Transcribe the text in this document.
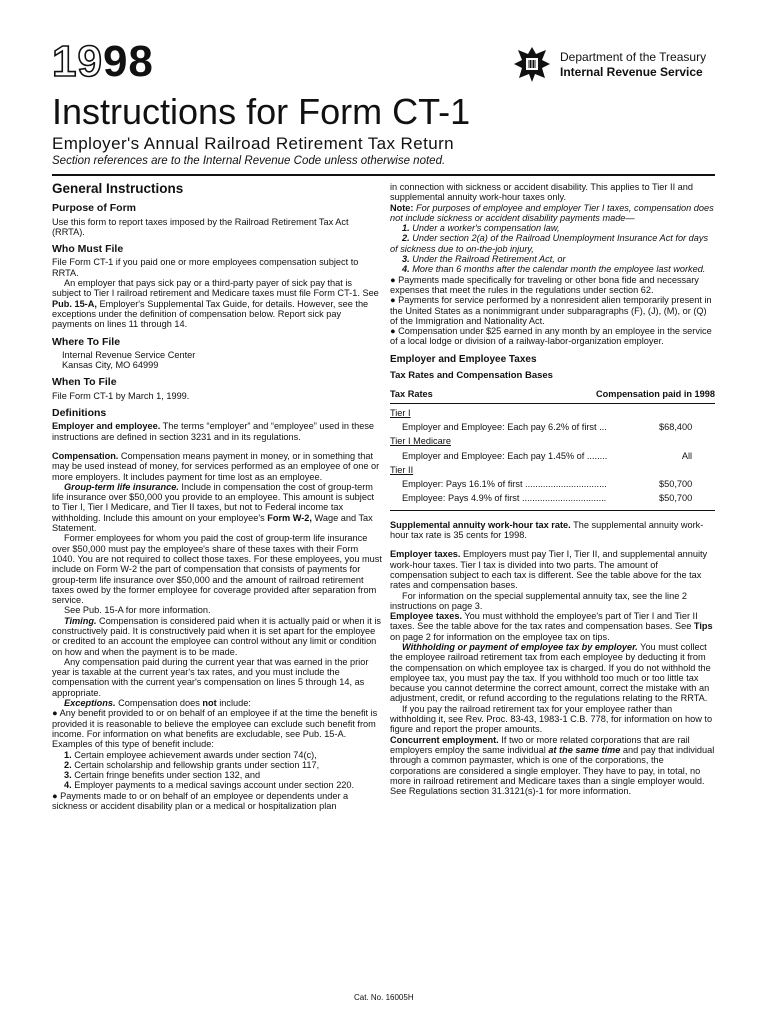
1998	Department of the Treasury
Internal Revenue Service
Instructions for Form CT-1
Employer's Annual Railroad Retirement Tax Return
Section references are to the Internal Revenue Code unless otherwise noted.

General Instructions

Purpose of Form

Use this form to report taxes imposed by the Railroad Retirement Tax Act (RRTA).

Who Must File

File Form CT-1 if you paid one or more employees compensation subject to RRTA.

An employer that pays sick pay or a third-party payer of sick pay that is subject to Tier I railroad retirement and Medicare taxes must file Form CT-1. See Pub. 15-A, Employer's Supplemental Tax Guide, for details. However, see the exceptions under the definition of compensation below. Report sick pay payments on lines 11 through 14.

Where To File

Internal Revenue Service Center

Kansas City, MO 64999

When To File

File Form CT-1 by March 1, 1999.

Definitions

Employer and employee. The terms “employer” and “employee” used in these instructions are defined in section 3231 and in its regulations.

Compensation. Compensation means payment in money, or in something that may be used instead of money, for services performed as an employee of one or more employers. It includes payment for time lost as an employee.

Group-term life insurance. Include in compensation the cost of group-term life insurance over $50,000 you provide to an employee. This amount is subject to Tier I, Tier I Medicare, and Tier II taxes, but not to Federal income tax withholding. Include this amount on your employee's Form W-2, Wage and Tax Statement.

Former employees for whom you paid the cost of group-term life insurance over $50,000 must pay the employee's share of these taxes with their Form 1040. You are not required to collect those taxes. For these employees, you must include on Form W-2 the part of compensation that consists of payments for group-term life insurance over $50,000 and the amount of railroad retirement taxes owed by the former employee for coverage provided after separation from service.

See Pub. 15-A for more information.

Timing. Compensation is considered paid when it is actually paid or when it is constructively paid. It is constructively paid when it is set apart for the employee or credited to an account the employee can control without any limit or condition on how and when the payment is to be made.

Any compensation paid during the current year that was earned in the prior year is taxable at the current year's tax rates, and you must include the compensation with the current year's compensation on lines 5 through 14, as appropriate.

Exceptions. Compensation does not include:

● Any benefit provided to or on behalf of an employee if at the time the benefit is provided it is reasonable to believe the employee can exclude such benefit from income. For information on what benefits are excludable, see Pub. 15-A. Examples of this type of benefit include:

1. Certain employee achievement awards under section 74(c),

2. Certain scholarship and fellowship grants under section 117,

3. Certain fringe benefits under section 132, and

4. Employer payments to a medical savings account under section 220.

● Payments made to or on behalf of an employee or dependents under a sickness or accident disability plan or a medical or hospitalization plan

in connection with sickness or accident disability. This applies to Tier II and supplemental annuity work-hour taxes only.

Note: For purposes of employee and employer Tier I taxes, compensation does not include sickness or accident disability payments made—

1. Under a worker's compensation law,

2. Under section 2(a) of the Railroad Unemployment Insurance Act for days of sickness due to on-the-job injury,

3. Under the Railroad Retirement Act, or

4. More than 6 months after the calendar month the employee last worked.

● Payments made specifically for traveling or other bona fide and necessary expenses that meet the rules in the regulations under section 62.

● Payments for service performed by a nonresident alien temporarily present in the United States as a nonimmigrant under subparagraphs (F), (J), (M), or (Q) of the Immigration and Nationality Act.

● Compensation under $25 earned in any month by an employee in the service of a local lodge or division of a railway-labor-organization employer.

Employer and Employee Taxes

Tax Rates and Compensation Bases

Tax Rates	Compensation paid in 1998
Tier I
Employer and Employee: Each pay 6.2% of first ...	$68,400
Tier I Medicare
Employer and Employee: Each pay 1.45% of ........	All
Tier II
Employer: Pays 16.1% of first ................................	$50,700
Employee: Pays 4.9% of first .................................	$50,700

Supplemental annuity work-hour tax rate. The supplemental annuity work-hour tax rate is 35 cents for 1998.

Employer taxes. Employers must pay Tier I, Tier II, and supplemental annuity work-hour taxes. Tier I tax is divided into two parts. The amount of compensation subject to each tax is different. See the table above for the tax rates and compensation bases.

For information on the special supplemental annuity tax, see the line 2 instructions on page 3.

Employee taxes. You must withhold the employee's part of Tier I and Tier II taxes. See the table above for the tax rates and compensation bases. See Tips on page 2 for information on the employee tax on tips.

Withholding or payment of employee tax by employer. You must collect the employee railroad retirement tax from each employee by deducting it from the compensation on which employee tax is charged. If you do not withhold the employee tax, you must pay the tax. If you withhold too much or too little tax because you cannot determine the correct amount, correct the mistake with an adjustment, credit, or refund according to the regulations relating to the RRTA.

If you pay the railroad retirement tax for your employee rather than withholding it, see Rev. Proc. 83-43, 1983-1 C.B. 778, for information on how to figure and report the proper amounts.

Concurrent employment. If two or more related corporations that are rail employers employ the same individual at the same time and pay that individual through a common paymaster, which is one of the corporations, the corporations are considered a single employer. They have to pay, in total, no more in railroad retirement and Medicare taxes than a single employer would. See Regulations section 31.3121(s)-1 for more information.

Cat. No. 16005H
